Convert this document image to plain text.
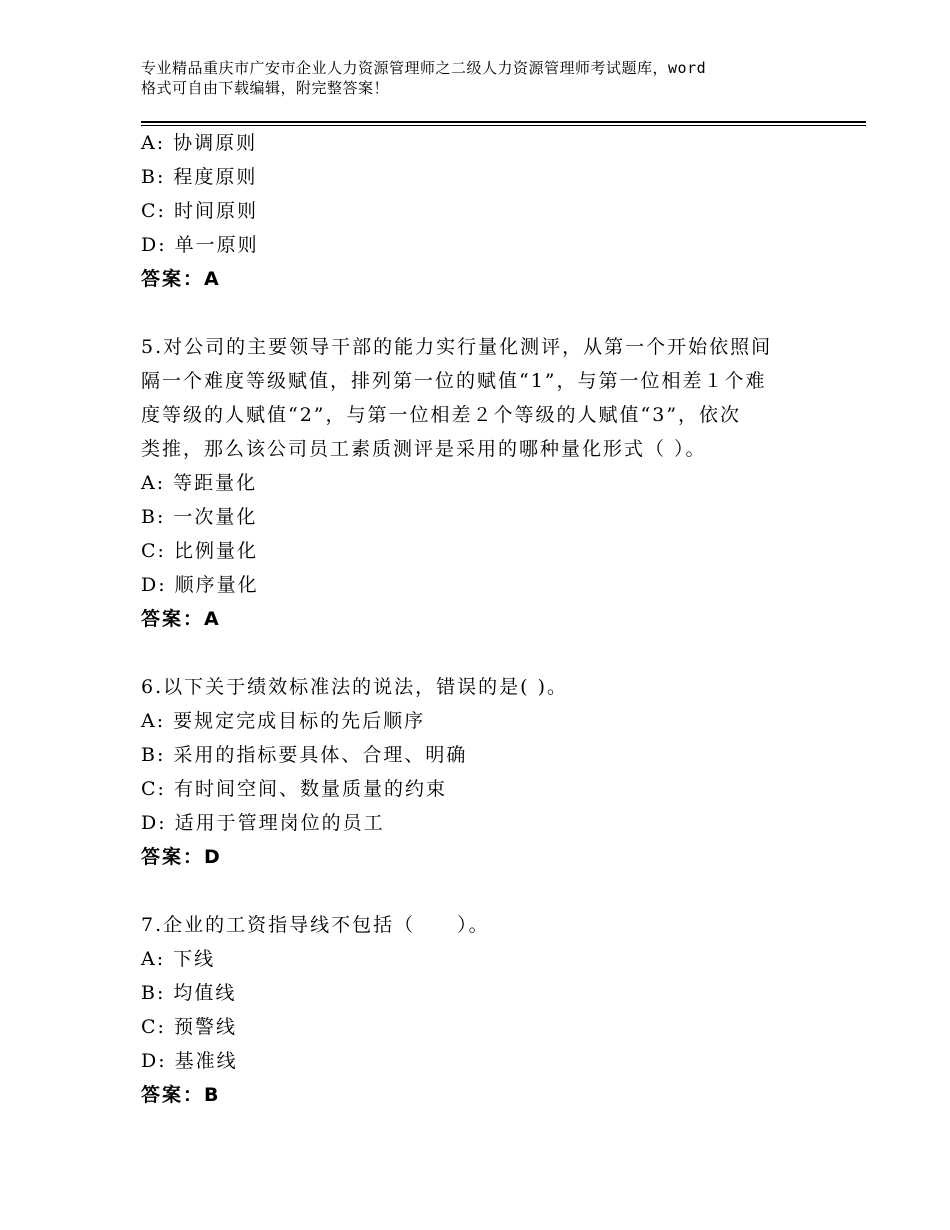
专业精品重庆市广安市企业人力资源管理师之二级人力资源管理师考试题库，word
格式可自由下载编辑，附完整答案！
A: 协调原则
B: 程度原则
C: 时间原则
D: 单一原则
答案：A
5.对公司的主要领导干部的能力实行量化测评，从第一个开始依照间
隔一个难度等级赋值，排列第一位的赋值“1”，与第一位相差１个难
度等级的人赋值“2”，与第一位相差２个等级的人赋值“3”，依次
类推，那么该公司员工素质测评是采用的哪种量化形式（ ）。
A: 等距量化
B: 一次量化
C: 比例量化
D: 顺序量化
答案：A
6.以下关于绩效标准法的说法，错误的是( )。
A: 要规定完成目标的先后顺序
B: 采用的指标要具体、合理、明确
C: 有时间空间、数量质量的约束
D: 适用于管理岗位的员工
答案：D
7.企业的工资指导线不包括（　　）。
A: 下线
B: 均值线
C: 预警线
D: 基准线
答案：B
